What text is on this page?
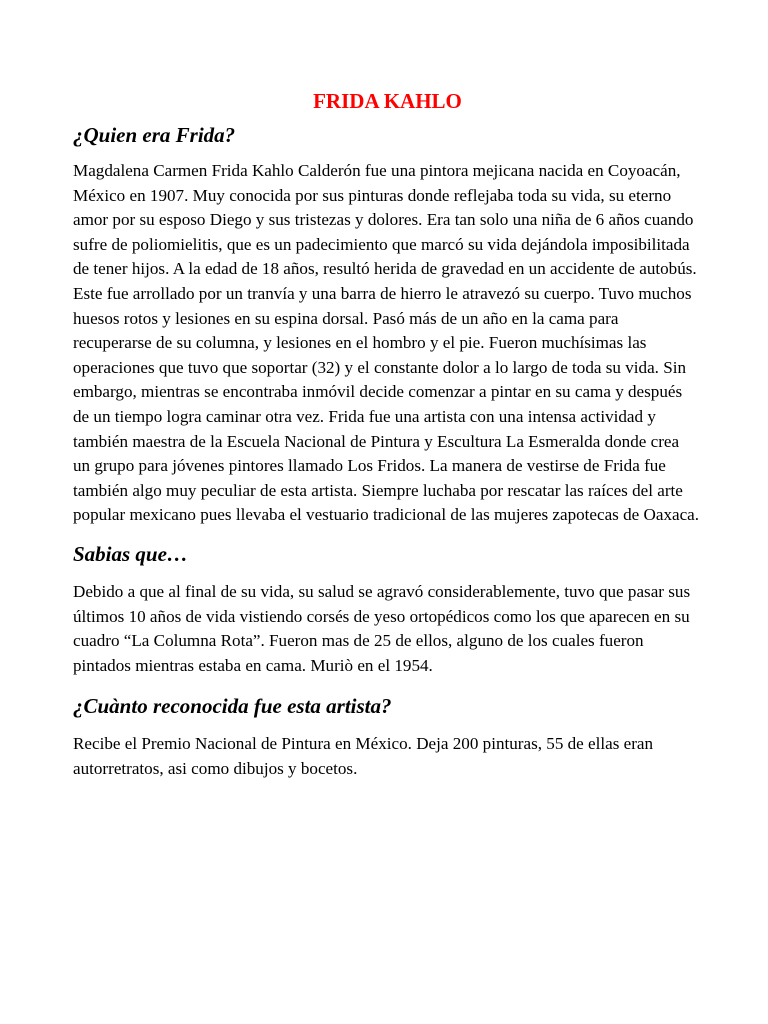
FRIDA KAHLO
¿Quien era Frida?

Magdalena Carmen Frida Kahlo Calderón fue una pintora mejicana nacida en Coyoacán, México en 1907. Muy conocida por sus pinturas donde reflejaba toda su vida, su eterno amor por su esposo Diego y sus tristezas y dolores. Era tan solo una niña de 6 años cuando sufre de poliomielitis, que es un padecimiento que marcó su vida dejándola imposibilitada de tener hijos. A la edad de 18 años, resultó herida de gravedad en un accidente de autobús. Este fue arrollado por un tranvía y una barra de hierro le atravezó su cuerpo. Tuvo muchos huesos rotos y lesiones en su espina dorsal. Pasó más de un año en la cama para recuperarse de su columna, y lesiones en el hombro y el pie. Fueron muchísimas las operaciones que tuvo que soportar (32) y el constante dolor a lo largo de toda su vida. Sin embargo, mientras se encontraba inmóvil decide comenzar a pintar en su cama y después de un tiempo logra caminar otra vez. Frida fue una artista con una intensa actividad y también maestra de la Escuela Nacional de Pintura y Escultura La Esmeralda donde crea un grupo para jóvenes pintores llamado Los Fridos. La manera de vestirse de Frida fue también algo muy peculiar de esta artista. Siempre luchaba por rescatar las raíces del arte popular mexicano pues llevaba el vestuario tradicional de las mujeres zapotecas de Oaxaca.

Sabias que…

Debido a que al final de su vida, su salud se agravó considerablemente, tuvo que pasar sus últimos 10 años de vida vistiendo corsés de yeso ortopédicos como los que aparecen en su cuadro “La Columna Rota”. Fueron mas de 25 de ellos, alguno de los cuales fueron pintados mientras estaba en cama. Muriò en el 1954.

¿Cuànto reconocida fue esta artista?

Recibe el Premio Nacional de Pintura en México. Deja 200 pinturas, 55 de ellas eran autorretratos, asi como dibujos y bocetos.
